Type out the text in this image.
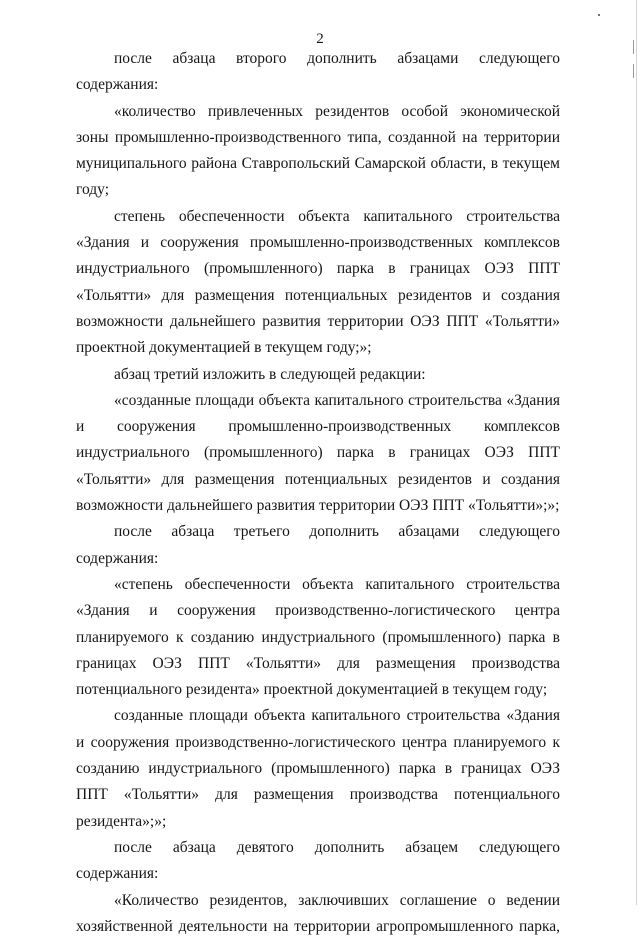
2

после абзаца второго дополнить абзацами следующего содержания:

«количество привлеченных резидентов особой экономической зоны промышленно-производственного типа, созданной на территории муниципального района Ставропольский Самарской области, в текущем году;

степень обеспеченности объекта капитального строительства «Здания и сооружения промышленно-производственных комплексов индустриального (промышленного) парка в границах ОЭЗ ППТ «Тольятти» для размещения потенциальных резидентов и создания возможности дальнейшего развития территории ОЭЗ ППТ «Тольятти» проектной документацией в текущем году;»;

абзац третий изложить в следующей редакции:

«созданные площади объекта капитального строительства «Здания и сооружения промышленно-производственных комплексов индустриального (промышленного) парка в границах ОЭЗ ППТ «Тольятти» для размещения потенциальных резидентов и создания возможности дальнейшего развития территории ОЭЗ ППТ «Тольятти»;»;

после абзаца третьего дополнить абзацами следующего содержания:

«степень обеспеченности объекта капитального строительства «Здания и сооружения производственно-логистического центра планируемого к созданию индустриального (промышленного) парка в границах ОЭЗ ППТ «Тольятти» для размещения производства потенциального резидента» проектной документацией в текущем году;

созданные площади объекта капитального строительства «Здания и сооружения производственно-логистического центра планируемого к созданию индустриального (промышленного) парка в границах ОЭЗ ППТ «Тольятти» для размещения производства потенциального резидента»;»;

после абзаца девятого дополнить абзацем следующего содержания:

«Количество резидентов, заключивших соглашение о ведении хозяйственной деятельности на территории агропромышленного парка,
